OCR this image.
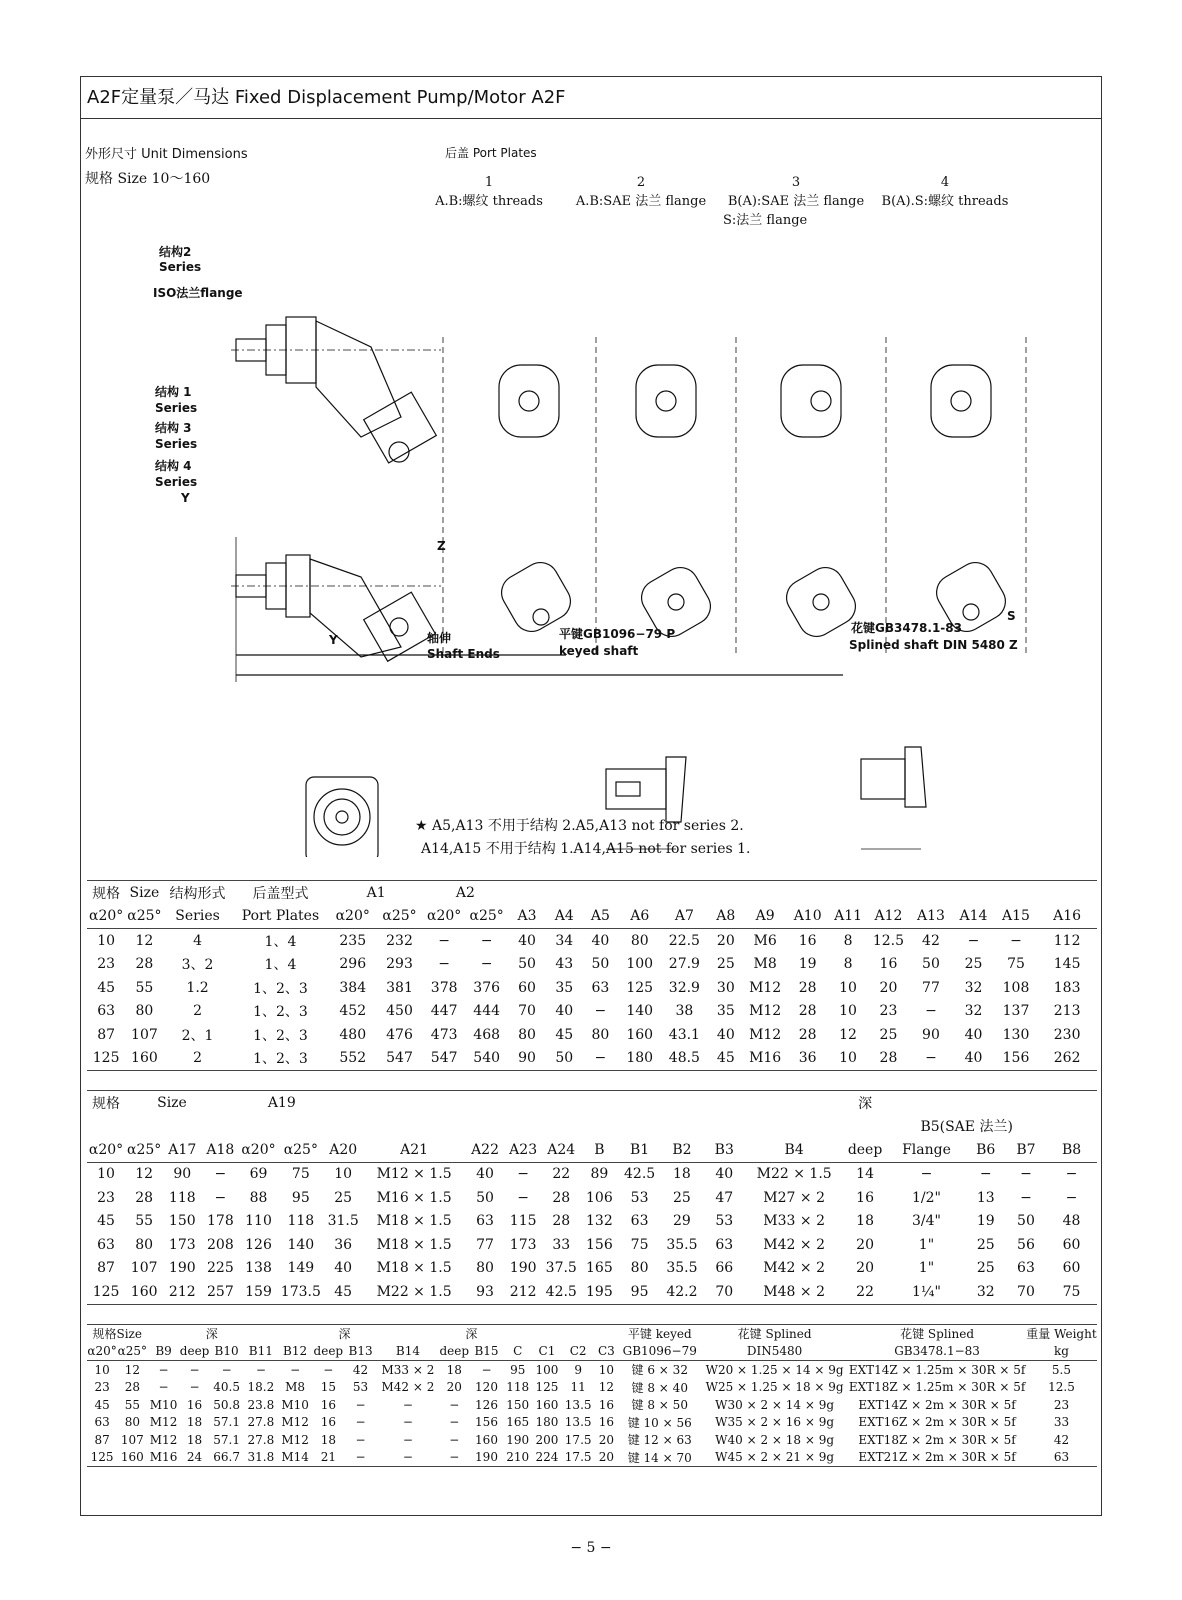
A2F定量泵／马达 Fixed Displacement Pump/Motor A2F
外形尺寸 Unit Dimensions
规格 Size 10～160
后盖 Port Plates
1
A.B:螺纹 threads
2
A.B:SAE 法兰 flange
3
B(A):SAE 法兰 flange
S:法兰 flange
4
B(A).S:螺纹 threads
结构2
Series
ISO法兰flange
结构 1
Series
结构 3
Series
结构 4
Series
Y
Z
S
Y	轴伸
Shaft Ends
平键GB1096−79 P
keyed shaft
花键GB3478.1-83
Splined shaft DIN 5480 Z
★ A5,A13 不用于结构 2.A5,A13 not for series 2.
A14,A15 不用于结构 1.A14,A15 not for series 1.
规格	Size	结构形式	后盖型式	A1		A2															
α20°	α25°	Series	Port Plates	α20°	α25°	α20°	α25°	A3	A4	A5	A6	A7	A8	A9	A10	A11	A12	A13	A14	A15	A16
10	12	4	1、4	235	232	−	−	40	34	40	80	22.5	20	M6	16	8	12.5	42	−	−	112
23	28	3、2	1、4	296	293	−	−	50	43	50	100	27.9	25	M8	19	8	16	50	25	75	145
45	55	1.2	1、2、3	384	381	378	376	60	35	63	125	32.9	30	M12	28	10	20	77	32	108	183
63	80	2	1、2、3	452	450	447	444	70	40	−	140	38	35	M12	28	10	23	−	32	137	213
87	107	2、1	1、2、3	480	476	473	468	80	45	80	160	43.1	40	M12	28	12	25	90	40	130	230
125	160	2	1、2、3	552	547	547	540	90	50	−	180	48.5	45	M16	36	10	28	−	40	156	262
规格	Size			A19												深				
																	B5(SAE 法兰)			
α20°	α25°	A17	A18	α20°	α25°	A20	A21	A22	A23	A24	B	B1	B2	B3	B4	deep	Flange	B6	B7	B8
10	12	90	−	69	75	10	M12 × 1.5	40	−	22	89	42.5	18	40	M22 × 1.5	14	−	−	−	−
23	28	118	−	88	95	25	M16 × 1.5	50	−	28	106	53	25	47	M27 × 2	16	1/2"	13	−	−
45	55	150	178	110	118	31.5	M18 × 1.5	63	115	28	132	63	29	53	M33 × 2	18	3/4"	19	50	48
63	80	173	208	126	140	36	M18 × 1.5	77	173	33	156	75	35.5	63	M42 × 2	20	1"	25	56	60
87	107	190	225	138	149	40	M18 × 1.5	80	190	37.5	165	80	35.5	66	M42 × 2	20	1"	25	63	60
125	160	212	257	159	173.5	45	M22 × 1.5	93	212	42.5	195	95	42.2	70	M48 × 2	22	1¼"	32	70	75
规格Size			深				深			深						平键 keyed	花键 Splined	花键 Splined	重量 Weight
α20°	α25°	B9	deep	B10	B11	B12	deep	B13	B14	deep	B15	C	C1	C2	C3	GB1096−79	DIN5480	GB3478.1−83	kg
10	12	−	−	−	−	−	−	42	M33 × 2	18	−	95	100	9	10	键 6 × 32	W20 × 1.25 × 14 × 9g	EXT14Z × 1.25m × 30R × 5f	5.5
23	28	−	−	40.5	18.2	M8	15	53	M42 × 2	20	120	118	125	11	12	键 8 × 40	W25 × 1.25 × 18 × 9g	EXT18Z × 1.25m × 30R × 5f	12.5
45	55	M10	16	50.8	23.8	M10	16	−	−	−	126	150	160	13.5	16	键 8 × 50	W30 × 2 × 14 × 9g	EXT14Z × 2m × 30R × 5f	23
63	80	M12	18	57.1	27.8	M12	16	−	−	−	156	165	180	13.5	16	键 10 × 56	W35 × 2 × 16 × 9g	EXT16Z × 2m × 30R × 5f	33
87	107	M12	18	57.1	27.8	M12	18	−	−	−	160	190	200	17.5	20	键 12 × 63	W40 × 2 × 18 × 9g	EXT18Z × 2m × 30R × 5f	42
125	160	M16	24	66.7	31.8	M14	21	−	−	−	190	210	224	17.5	20	键 14 × 70	W45 × 2 × 21 × 9g	EXT21Z × 2m × 30R × 5f	63
− 5 −
